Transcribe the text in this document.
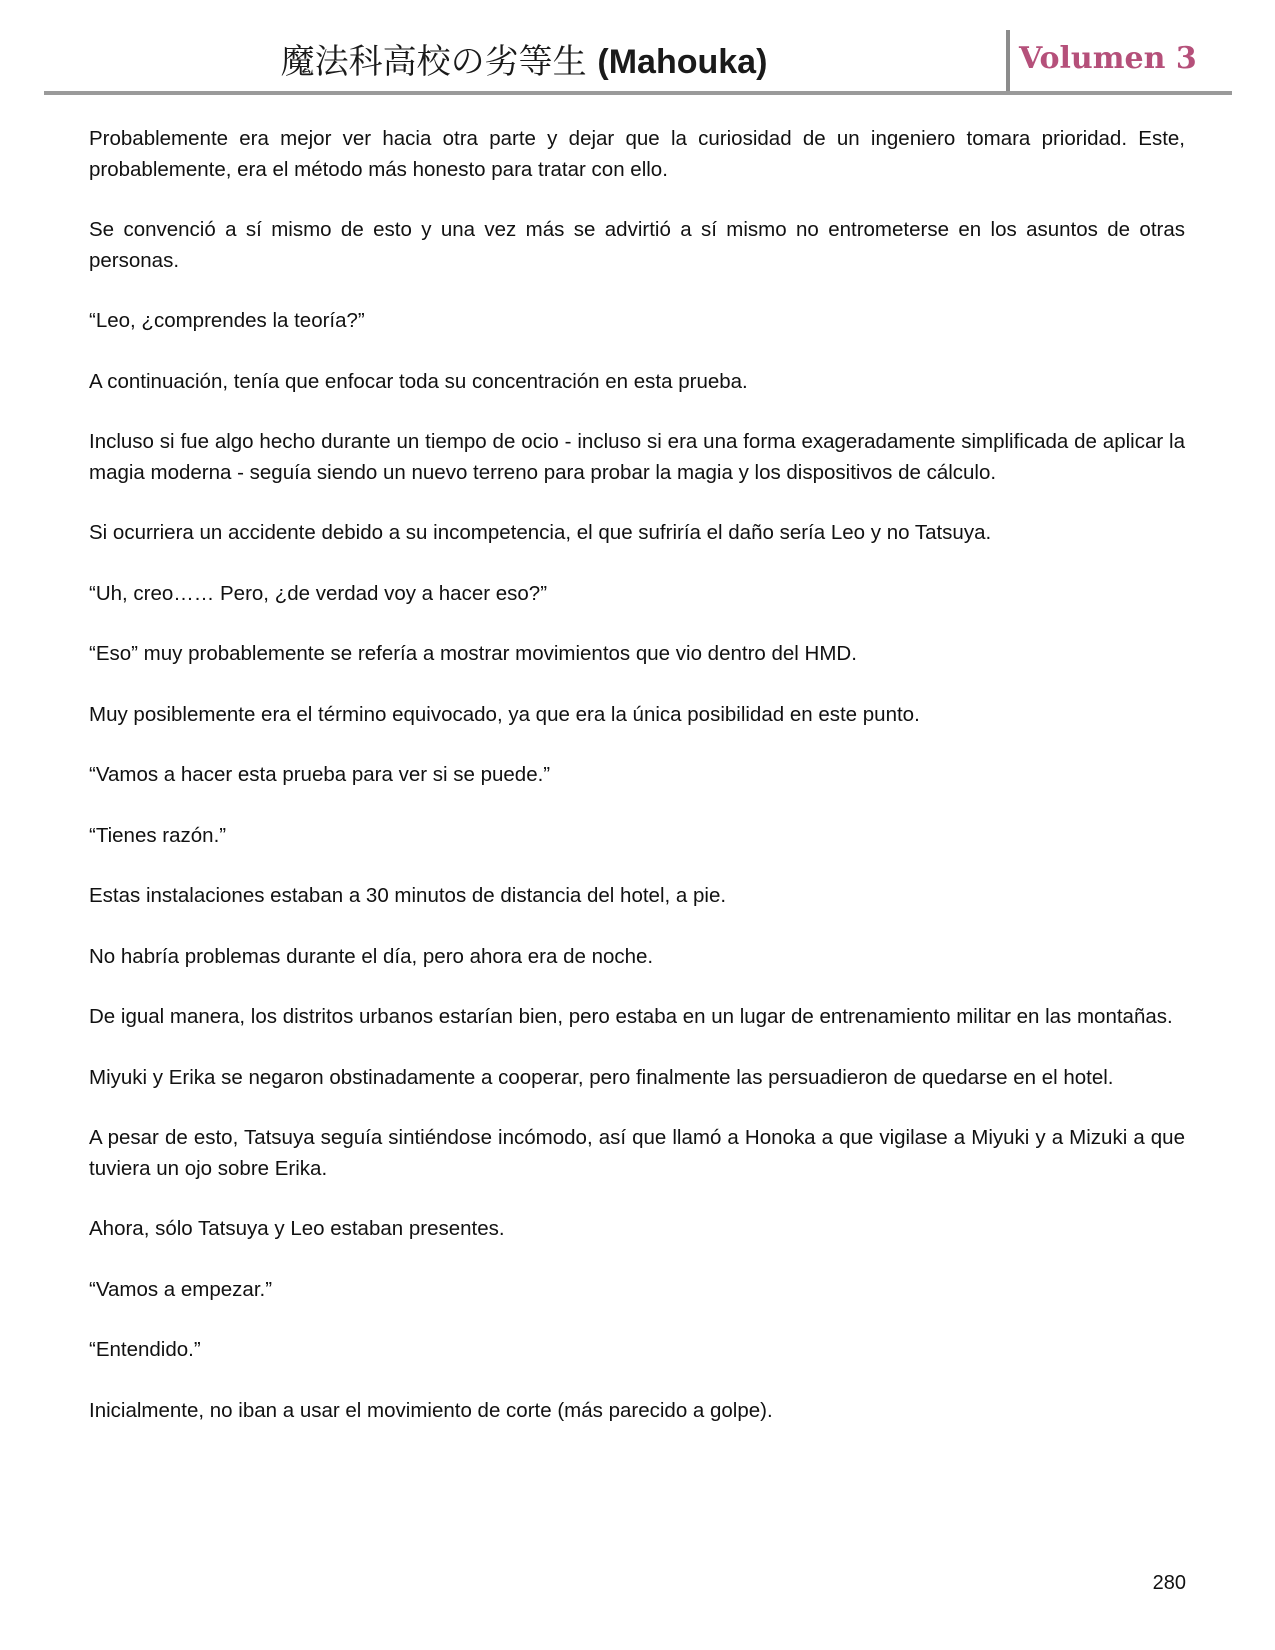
魔法科高校の劣等生 (Mahouka)	Volumen 3

Probablemente era mejor ver hacia otra parte y dejar que la curiosidad de un ingeniero tomara prioridad. Este, probablemente, era el método más honesto para tratar con ello.

Se convenció a sí mismo de esto y una vez más se advirtió a sí mismo no entrometerse en los asuntos de otras personas.

“Leo, ¿comprendes la teoría?”

A continuación, tenía que enfocar toda su concentración en esta prueba.

Incluso si fue algo hecho durante un tiempo de ocio - incluso si era una forma exageradamente simplificada de aplicar la magia moderna - seguía siendo un nuevo terreno para probar la magia y los dispositivos de cálculo.

Si ocurriera un accidente debido a su incompetencia, el que sufriría el daño sería Leo y no Tatsuya.

“Uh, creo…… Pero, ¿de verdad voy a hacer eso?”

“Eso” muy probablemente se refería a mostrar movimientos que vio dentro del HMD.

Muy posiblemente era el término equivocado, ya que era la única posibilidad en este punto.

“Vamos a hacer esta prueba para ver si se puede.”

“Tienes razón.”

Estas instalaciones estaban a 30 minutos de distancia del hotel, a pie.

No habría problemas durante el día, pero ahora era de noche.

De igual manera, los distritos urbanos estarían bien, pero estaba en un lugar de entrenamiento militar en las montañas.

Miyuki y Erika se negaron obstinadamente a cooperar, pero finalmente las persuadieron de quedarse en el hotel.

A pesar de esto, Tatsuya seguía sintiéndose incómodo, así que llamó a Honoka a que vigilase a Miyuki y a Mizuki a que tuviera un ojo sobre Erika.

Ahora, sólo Tatsuya y Leo estaban presentes.

“Vamos a empezar.”

“Entendido.”

Inicialmente, no iban a usar el movimiento de corte (más parecido a golpe).

280
